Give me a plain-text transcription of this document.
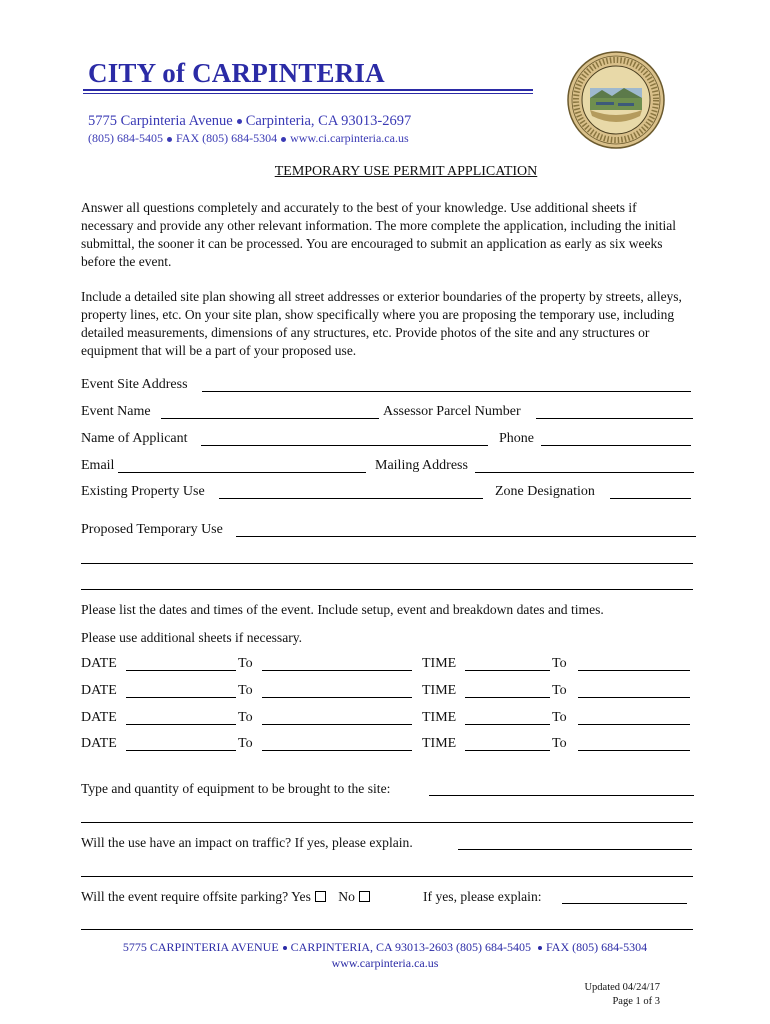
CITY of CARPINTERIA
5775 Carpinteria Avenue Carpinteria, CA 93013-2697
(805) 684-5405 FAX (805) 684-5304 www.ci.carpinteria.ca.us
TEMPORARY USE PERMIT APPLICATION
Answer all questions completely and accurately to the best of your knowledge. Use additional sheets if necessary and provide any other relevant information. The more complete the application, including the initial submittal, the sooner it can be processed. You are encouraged to submit an application as early as six weeks before the event.
Include a detailed site plan showing all street addresses or exterior boundaries of the property by streets, alleys, property lines, etc. On your site plan, show specifically where you are proposing the temporary use, including detailed measurements, dimensions of any structures, etc. Provide photos of the site and any structures or equipment that will be a part of your proposed use.
Event Site Address
Event Name	Assessor Parcel Number
Name of Applicant	Phone
Email	Mailing Address
Existing Property Use	Zone Designation
Proposed Temporary Use
Please list the dates and times of the event. Include setup, event and breakdown dates and times.
Please use additional sheets if necessary.
DATE	To	TIME	To
DATE	To	TIME	To
DATE	To	TIME	To
DATE	To	TIME	To
Type and quantity of equipment to be brought to the site:
Will the use have an impact on traffic? If yes, please explain.
Will the event require offsite parking? Yes No	If yes, please explain:
5775 CARPINTERIA AVENUE CARPINTERIA, CA 93013-2603 (805) 684-5405 FAX (805) 684-5304
www.carpinteria.ca.us
Updated 04/24/17
Page 1 of 3
